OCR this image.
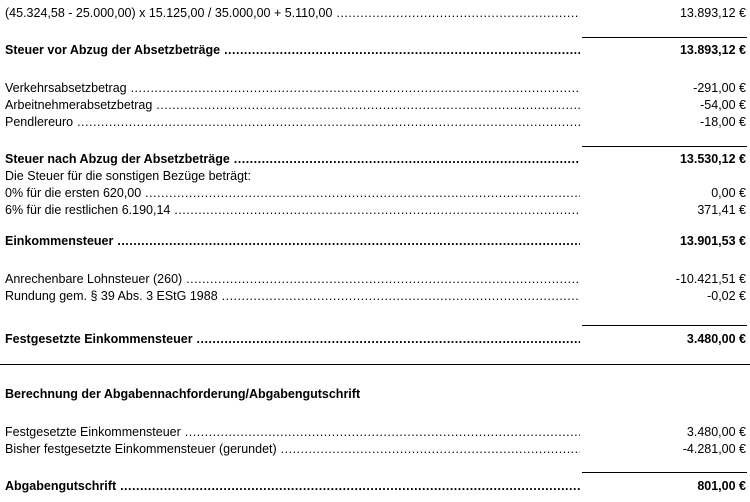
(45.324,58 - 25.000,00) x 15.125,00 / 35.000,00 + 5.110,00 .....	13.893,12 €
Steuer vor Abzug der Absetzbeträge .....	13.893,12 €
Verkehrsabsetzbetrag .....	-291,00 €
Arbeitnehmerabsetzbetrag .....	-54,00 €
Pendlereuro .....	-18,00 €
Steuer nach Abzug der Absetzbeträge .....	13.530,12 €
Die Steuer für die sonstigen Bezüge beträgt:
0% für die ersten 620,00 .....	0,00 €
6% für die restlichen 6.190,14 .....	371,41 €
Einkommensteuer .....	13.901,53 €
Anrechenbare Lohnsteuer (260) .....	-10.421,51 €
Rundung gem. § 39 Abs. 3 EStG 1988 .....	-0,02 €
Festgesetzte Einkommensteuer .....	3.480,00 €
Berechnung der Abgabennachforderung/Abgabengutschrift
Festgesetzte Einkommensteuer .....	3.480,00 €
Bisher festgesetzte Einkommensteuer (gerundet) .....	-4.281,00 €
Abgabengutschrift .....	801,00 €
